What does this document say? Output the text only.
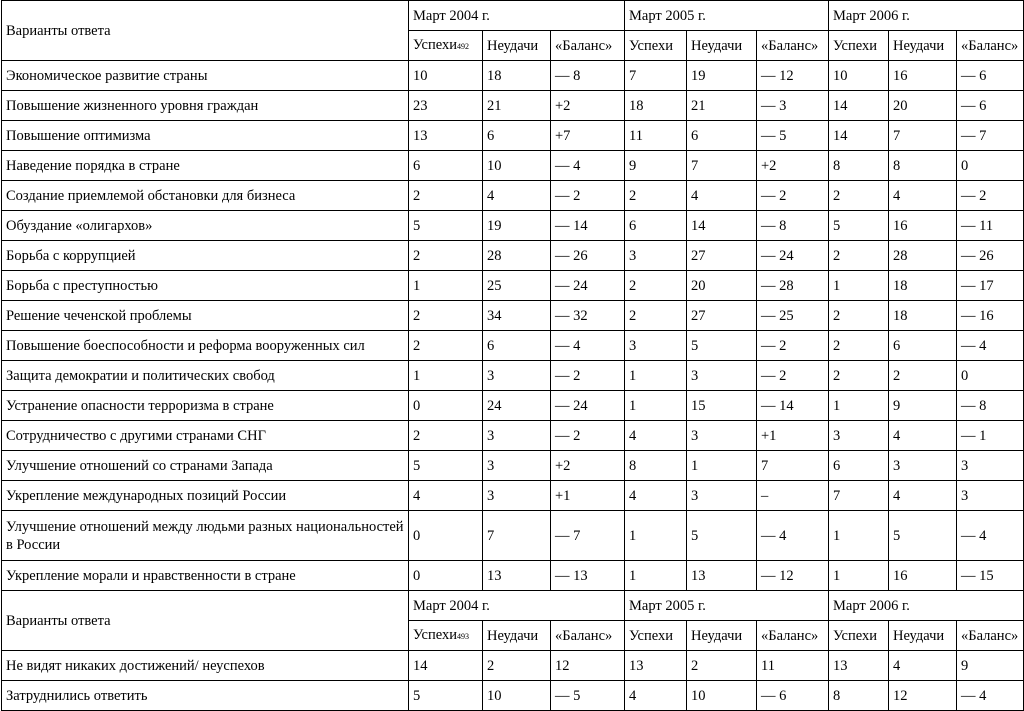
Варианты ответа	Март 2004 г.			Март 2005 г.			Март 2006 г.		
	Успехи492	Неудачи	«Баланс»	Успехи	Неудачи	«Баланс»	Успехи	Неудачи	«Баланс»
Экономическое развитие страны	10	18	— 8	7	19	— 12	10	16	— 6
Повышение жизненного уровня граждан	23	21	+2	18	21	— 3	14	20	— 6
Повышение оптимизма	13	6	+7	11	6	— 5	14	7	— 7
Наведение порядка в стране	6	10	— 4	9	7	+2	8	8	0
Создание приемлемой обстановки для бизнеса	2	4	— 2	2	4	— 2	2	4	— 2
Обуздание «олигархов»	5	19	— 14	6	14	— 8	5	16	— 11
Борьба с коррупцией	2	28	— 26	3	27	— 24	2	28	— 26
Борьба с преступностью	1	25	— 24	2	20	— 28	1	18	— 17
Решение чеченской проблемы	2	34	— 32	2	27	— 25	2	18	— 16
Повышение боеспособности и реформа вооруженных сил	2	6	— 4	3	5	— 2	2	6	— 4
Защита демократии и политических свобод	1	3	— 2	1	3	— 2	2	2	0
Устранение опасности терроризма в стране	0	24	— 24	1	15	— 14	1	9	— 8
Сотрудничество с другими странами СНГ	2	3	— 2	4	3	+1	3	4	— 1
Улучшение отношений со странами Запада	5	3	+2	8	1	7	6	3	3
Укрепление международных позиций России	4	3	+1	4	3	–	7	4	3
Улучшение отношений между людьми разных национальностей в России	0	7	— 7	1	5	— 4	1	5	— 4
Укрепление морали и нравственности в стране	0	13	— 13	1	13	— 12	1	16	— 15
Варианты ответа	Март 2004 г.			Март 2005 г.			Март 2006 г.		
	Успехи493	Неудачи	«Баланс»	Успехи	Неудачи	«Баланс»	Успехи	Неудачи	«Баланс»
Не видят никаких достижений/ неуспехов	14	2	12	13	2	11	13	4	9
Затруднились ответить	5	10	— 5	4	10	— 6	8	12	— 4
